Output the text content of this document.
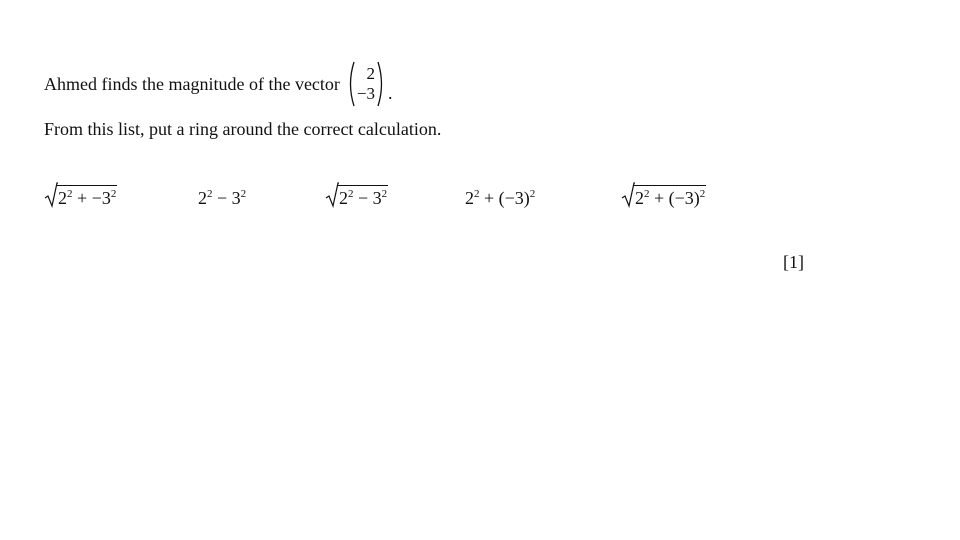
Ahmed finds the magnitude of the vector
2
−3 .
From this list, put a ring around the correct calculation.
$2^2 + -3^2$	$2^2 - 3^2$	$2^2 - 3^2$	$2^2 + (-3)^2$	$2^2 + (-3)^2$
[1]
